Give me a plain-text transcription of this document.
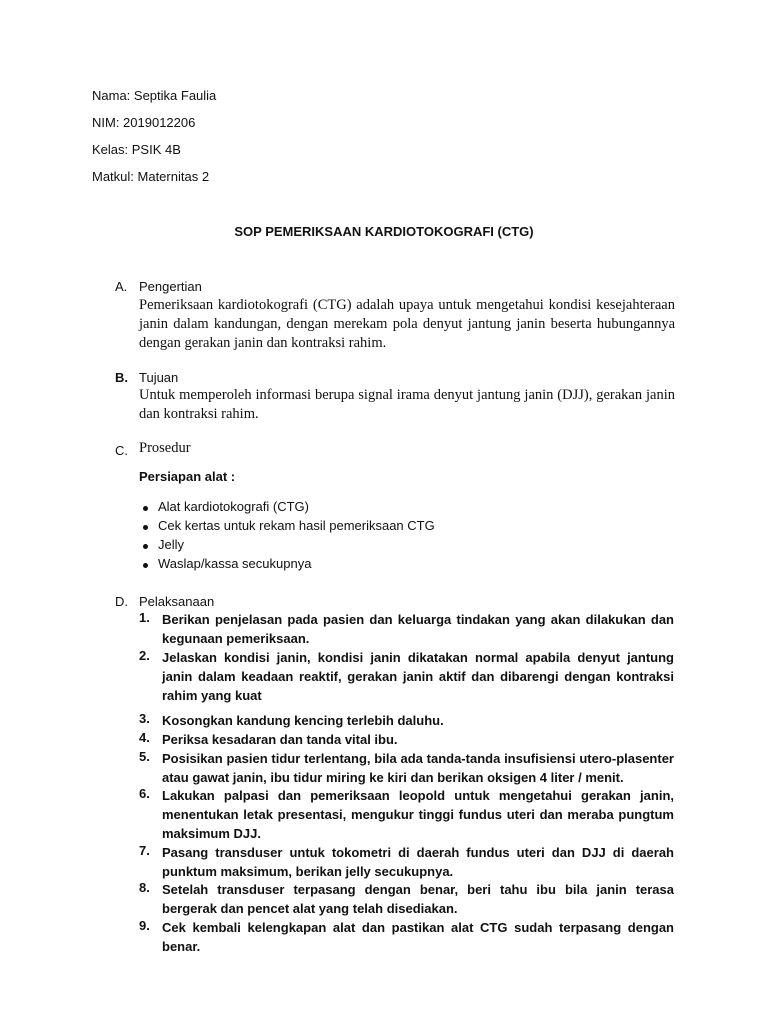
Nama: Septika Faulia
NIM: 2019012206
Kelas: PSIK 4B
Matkul: Maternitas 2
SOP PEMERIKSAAN KARDIOTOKOGRAFI (CTG)
A. Pengertian
Pemeriksaan kardiotokografi (CTG) adalah upaya untuk mengetahui kondisi kesejahteraan janin dalam kandungan, dengan merekam pola denyut jantung janin beserta hubungannya dengan gerakan janin dan kontraksi rahim.
B. Tujuan
Untuk memperoleh informasi berupa signal irama denyut jantung janin (DJJ), gerakan janin dan kontraksi rahim.
C. Prosedur
Persiapan alat :
Alat kardiotokografi (CTG)
Cek kertas untuk rekam hasil pemeriksaan CTG
Jelly
Waslap/kassa secukupnya
D. Pelaksanaan
1. Berikan penjelasan pada pasien dan keluarga tindakan yang akan dilakukan dan kegunaan pemeriksaan.
2. Jelaskan kondisi janin, kondisi janin dikatakan normal apabila denyut jantung janin dalam keadaan reaktif, gerakan janin aktif dan dibarengi dengan kontraksi rahim yang kuat
3. Kosongkan kandung kencing terlebih daluhu.
4. Periksa kesadaran dan tanda vital ibu.
5. Posisikan pasien tidur terlentang, bila ada tanda-tanda insufisiensi utero-plasenter atau gawat janin, ibu tidur miring ke kiri dan berikan oksigen 4 liter / menit.
6. Lakukan palpasi dan pemeriksaan leopold untuk mengetahui gerakan janin, menentukan letak presentasi, mengukur tinggi fundus uteri dan meraba pungtum maksimum DJJ.
7. Pasang transduser untuk tokometri di daerah fundus uteri dan DJJ di daerah punktum maksimum, berikan jelly secukupnya.
8. Setelah transduser terpasang dengan benar, beri tahu ibu bila janin terasa bergerak dan pencet alat yang telah disediakan.
9. Cek kembali kelengkapan alat dan pastikan alat CTG sudah terpasang dengan benar.
